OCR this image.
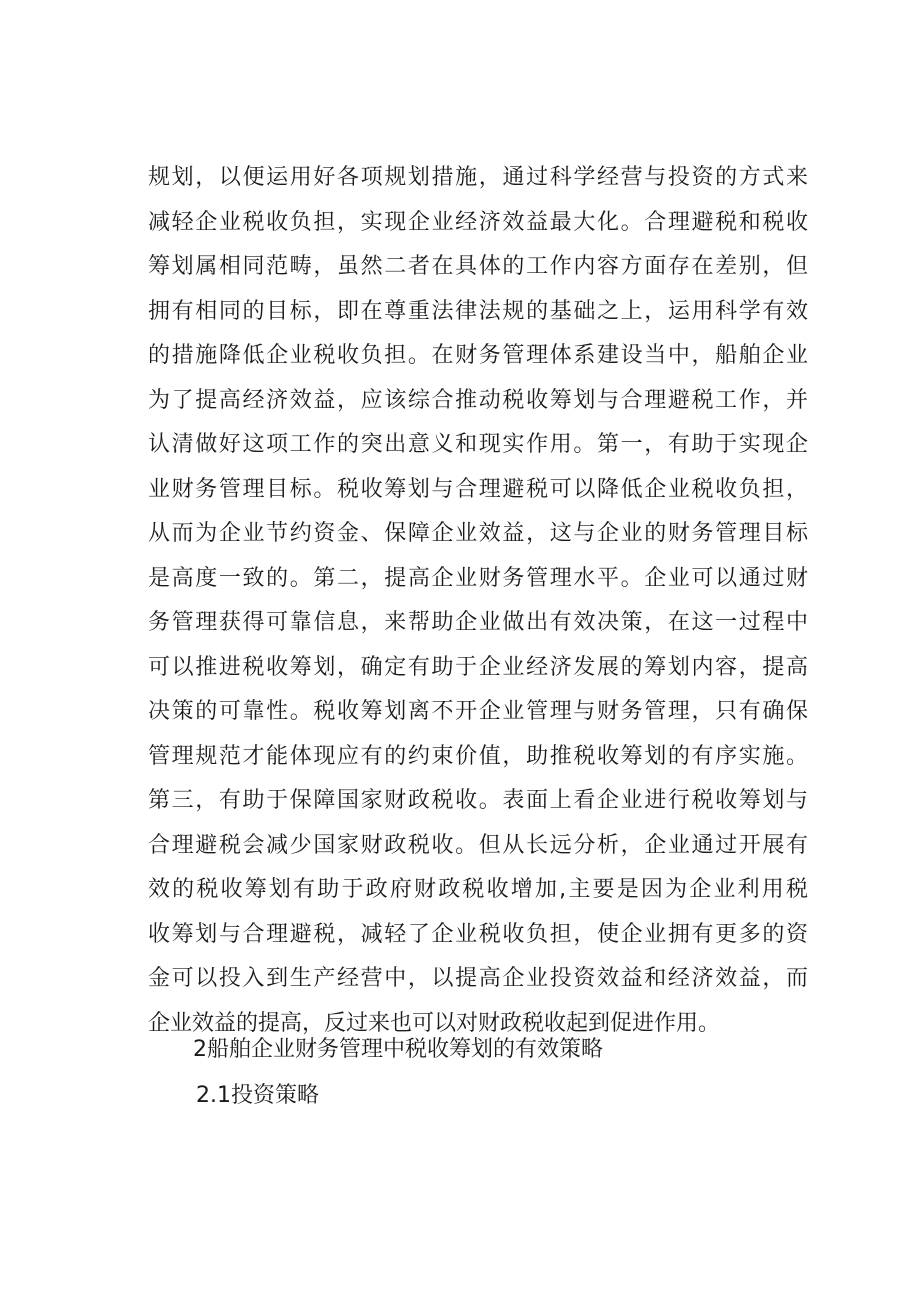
规划，以便运用好各项规划措施，通过科学经营与投资的方式来
减轻企业税收负担，实现企业经济效益最大化。合理避税和税收
筹划属相同范畴，虽然二者在具体的工作内容方面存在差别，但
拥有相同的目标，即在尊重法律法规的基础之上，运用科学有效
的措施降低企业税收负担。在财务管理体系建设当中，船舶企业
为了提高经济效益，应该综合推动税收筹划与合理避税工作，并
认清做好这项工作的突出意义和现实作用。第一，有助于实现企
业财务管理目标。税收筹划与合理避税可以降低企业税收负担，
从而为企业节约资金、保障企业效益，这与企业的财务管理目标
是高度一致的。第二，提高企业财务管理水平。企业可以通过财
务管理获得可靠信息，来帮助企业做出有效决策，在这一过程中
可以推进税收筹划，确定有助于企业经济发展的筹划内容，提高
决策的可靠性。税收筹划离不开企业管理与财务管理，只有确保
管理规范才能体现应有的约束价值，助推税收筹划的有序实施。
第三，有助于保障国家财政税收。表面上看企业进行税收筹划与
合理避税会减少国家财政税收。但从长远分析，企业通过开展有
效的税收筹划有助于政府财政税收增加,主要是因为企业利用税
收筹划与合理避税，减轻了企业税收负担，使企业拥有更多的资
金可以投入到生产经营中，以提高企业投资效益和经济效益，而
企业效益的提高，反过来也可以对财政税收起到促进作用。
2船舶企业财务管理中税收筹划的有效策略
2.1投资策略
